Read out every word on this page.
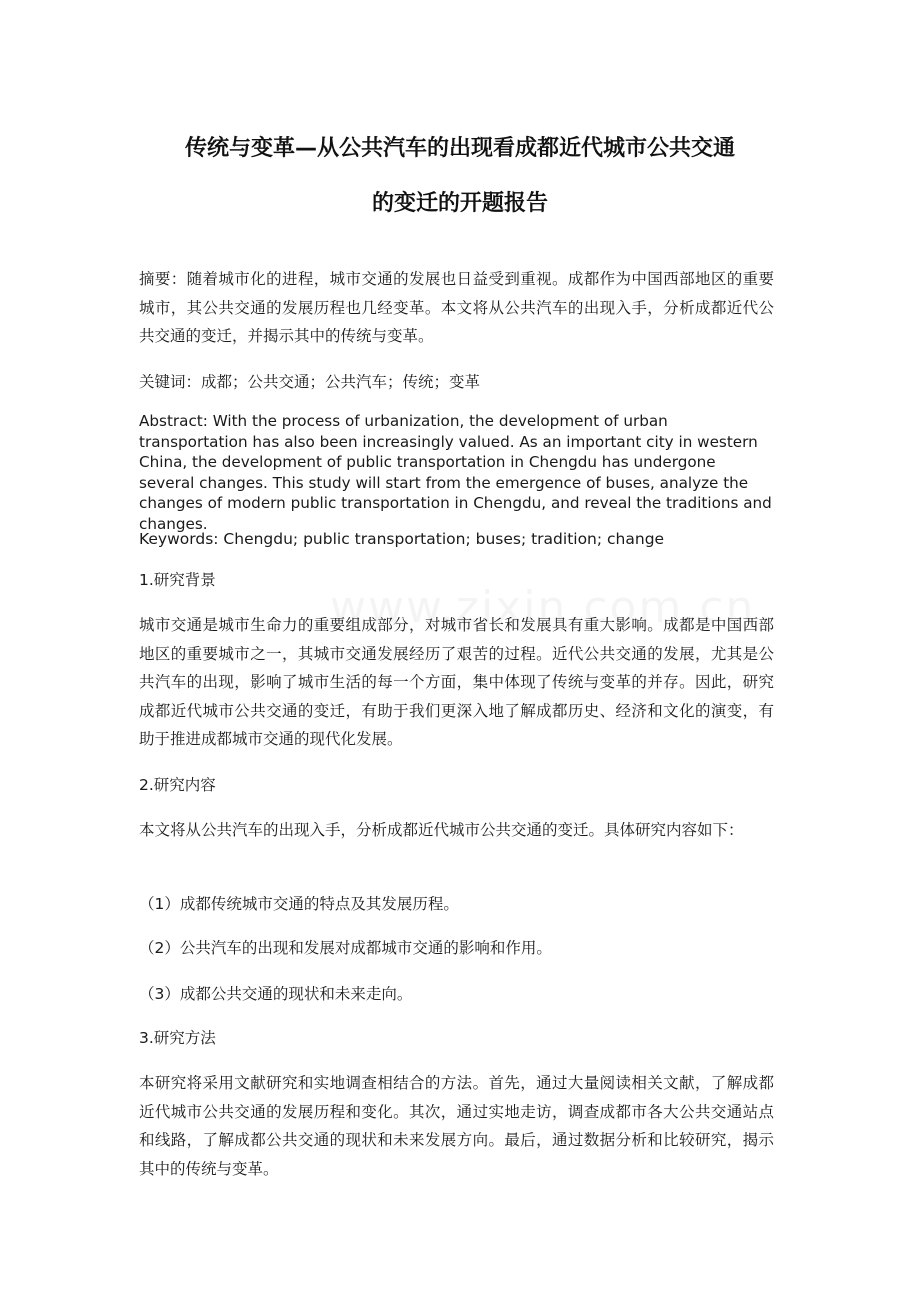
传统与变革—从公共汽车的出现看成都近代城市公共交通
的变迁的开题报告

摘要：随着城市化的进程，城市交通的发展也日益受到重视。成都作为中国西部地区的重要城市，其公共交通的发展历程也几经变革。本文将从公共汽车的出现入手，分析成都近代公共交通的变迁，并揭示其中的传统与变革。

关键词：成都；公共交通；公共汽车；传统；变革

Abstract: With the process of urbanization, the development of urban transportation has also been increasingly valued. As an important city in western China, the development of public transportation in Chengdu has undergone several changes. This study will start from the emergence of buses, analyze the changes of modern public transportation in Chengdu, and reveal the traditions and changes.

Keywords: Chengdu; public transportation; buses; tradition; change

1.研究背景

城市交通是城市生命力的重要组成部分，对城市省长和发展具有重大影响。成都是中国西部地区的重要城市之一，其城市交通发展经历了艰苦的过程。近代公共交通的发展，尤其是公共汽车的出现，影响了城市生活的每一个方面，集中体现了传统与变革的并存。因此，研究成都近代城市公共交通的变迁，有助于我们更深入地了解成都历史、经济和文化的演变，有助于推进成都城市交通的现代化发展。

2.研究内容

本文将从公共汽车的出现入手，分析成都近代城市公共交通的变迁。具体研究内容如下：

（1）成都传统城市交通的特点及其发展历程。

（2）公共汽车的出现和发展对成都城市交通的影响和作用。

（3）成都公共交通的现状和未来走向。

3.研究方法

本研究将采用文献研究和实地调查相结合的方法。首先，通过大量阅读相关文献，了解成都近代城市公共交通的发展历程和变化。其次，通过实地走访，调查成都市各大公共交通站点和线路，了解成都公共交通的现状和未来发展方向。最后，通过数据分析和比较研究，揭示其中的传统与变革。
